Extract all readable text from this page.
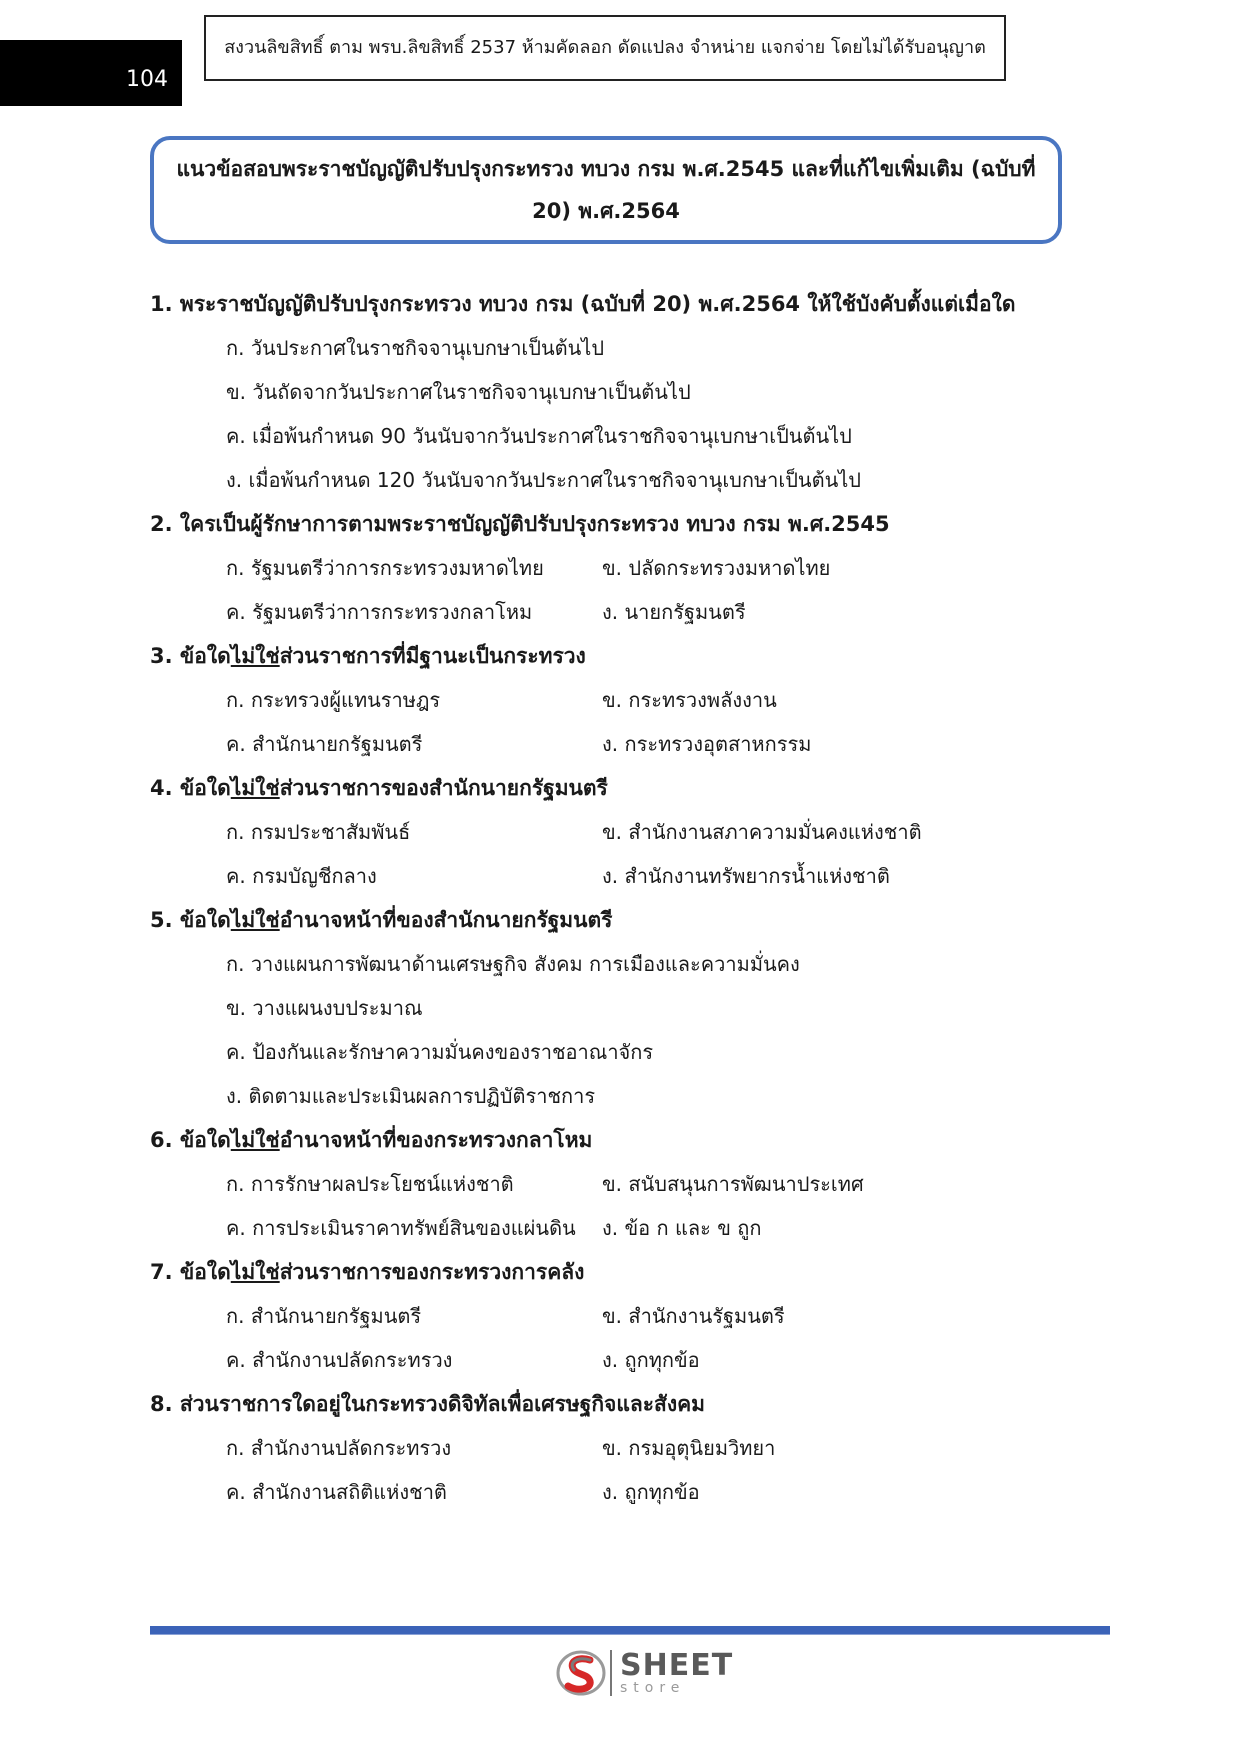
104
สงวนลิขสิทธิ์ ตาม พรบ.ลิขสิทธิ์ 2537 ห้ามคัดลอก ดัดแปลง จำหน่าย แจกจ่าย โดยไม่ได้รับอนุญาต
แนวข้อสอบพระราชบัญญัติปรับปรุงกระทรวง ทบวง กรม พ.ศ.2545 และที่แก้ไขเพิ่มเติม (ฉบับที่ 20) พ.ศ.2564
1. พระราชบัญญัติปรับปรุงกระทรวง ทบวง กรม (ฉบับที่ 20) พ.ศ.2564 ให้ใช้บังคับตั้งแต่เมื่อใด
ก. วันประกาศในราชกิจจานุเบกษาเป็นต้นไป
ข. วันถัดจากวันประกาศในราชกิจจานุเบกษาเป็นต้นไป
ค. เมื่อพ้นกำหนด 90 วันนับจากวันประกาศในราชกิจจานุเบกษาเป็นต้นไป
ง. เมื่อพ้นกำหนด 120 วันนับจากวันประกาศในราชกิจจานุเบกษาเป็นต้นไป
2. ใครเป็นผู้รักษาการตามพระราชบัญญัติปรับปรุงกระทรวง ทบวง กรม พ.ศ.2545
ก. รัฐมนตรีว่าการกระทรวงมหาดไทย	ข. ปลัดกระทรวงมหาดไทย
ค. รัฐมนตรีว่าการกระทรวงกลาโหม	ง. นายกรัฐมนตรี
3. ข้อใดไม่ใช่ส่วนราชการที่มีฐานะเป็นกระทรวง
ก. กระทรวงผู้แทนราษฎร	ข. กระทรวงพลังงาน
ค. สำนักนายกรัฐมนตรี	ง. กระทรวงอุตสาหกรรม
4. ข้อใดไม่ใช่ส่วนราชการของสำนักนายกรัฐมนตรี
ก. กรมประชาสัมพันธ์	ข. สำนักงานสภาความมั่นคงแห่งชาติ
ค. กรมบัญชีกลาง	ง. สำนักงานทรัพยากรน้ำแห่งชาติ
5. ข้อใดไม่ใช่อำนาจหน้าที่ของสำนักนายกรัฐมนตรี
ก. วางแผนการพัฒนาด้านเศรษฐกิจ สังคม การเมืองและความมั่นคง
ข. วางแผนงบประมาณ
ค. ป้องกันและรักษาความมั่นคงของราชอาณาจักร
ง. ติดตามและประเมินผลการปฏิบัติราชการ
6. ข้อใดไม่ใช่อำนาจหน้าที่ของกระทรวงกลาโหม
ก. การรักษาผลประโยชน์แห่งชาติ	ข. สนับสนุนการพัฒนาประเทศ
ค. การประเมินราคาทรัพย์สินของแผ่นดิน	ง. ข้อ ก และ ข ถูก
7. ข้อใดไม่ใช่ส่วนราชการของกระทรวงการคลัง
ก. สำนักนายกรัฐมนตรี	ข. สำนักงานรัฐมนตรี
ค. สำนักงานปลัดกระทรวง	ง. ถูกทุกข้อ
8. ส่วนราชการใดอยู่ในกระทรวงดิจิทัลเพื่อเศรษฐกิจและสังคม
ก. สำนักงานปลัดกระทรวง	ข. กรมอุตุนิยมวิทยา
ค. สำนักงานสถิติแห่งชาติ	ง. ถูกทุกข้อ
SHEET
store
